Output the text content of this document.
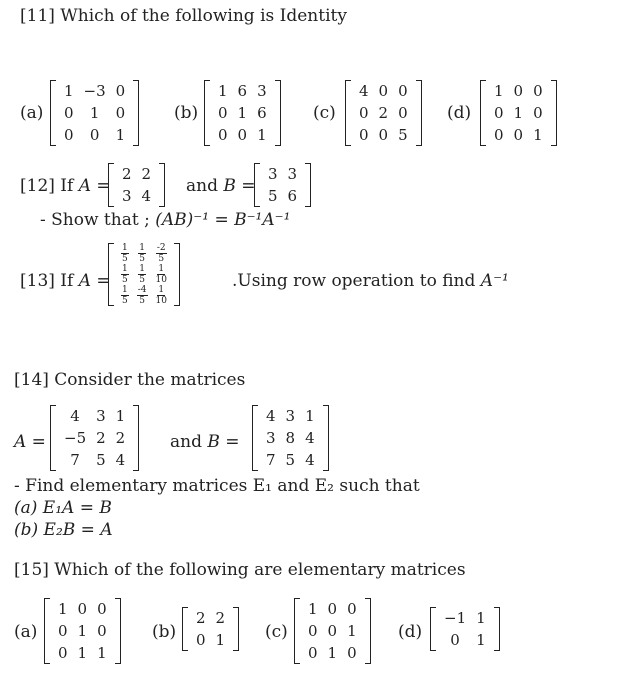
[11] Which of the following is Identity
(a)
1	−3	0
0	1	0
0	0	1
(b)
1	6	3
0	1	6
0	0	1
(c)
4	0	0
0	2	0
0	0	5
(d)
1	0	0
0	1	0
0	0	1
[12] If A =
2	2
3	4 and B =
3	3
5	6
- Show that ; (AB)⁻¹ = B⁻¹A⁻¹
[13] If A =
$\frac{1}{5}$	$\frac{1}{5}$	$\frac{-2}{5}$

$\frac{1}{5}$	$\frac{1}{5}$	$\frac{1}{10}$

$\frac{1}{5}$	$\frac{-4}{5}$	$\frac{1}{10}$
.Using row operation to find A⁻¹
[14] Consider the matrices
A =
4	3	1
−5	2	2
7	5	4
and B =
4	3	1
3	8	4
7	5	4
- Find elementary matrices E₁ and E₂ such that
(a) E₁A = B
(b) E₂B = A
[15] Which of the following are elementary matrices
(a)
1	0	0
0	1	0
0	1	1
(b)
2	2
0	1 (c)
1	0	0
0	0	1
0	1	0
(d)
−1	1
0	1
